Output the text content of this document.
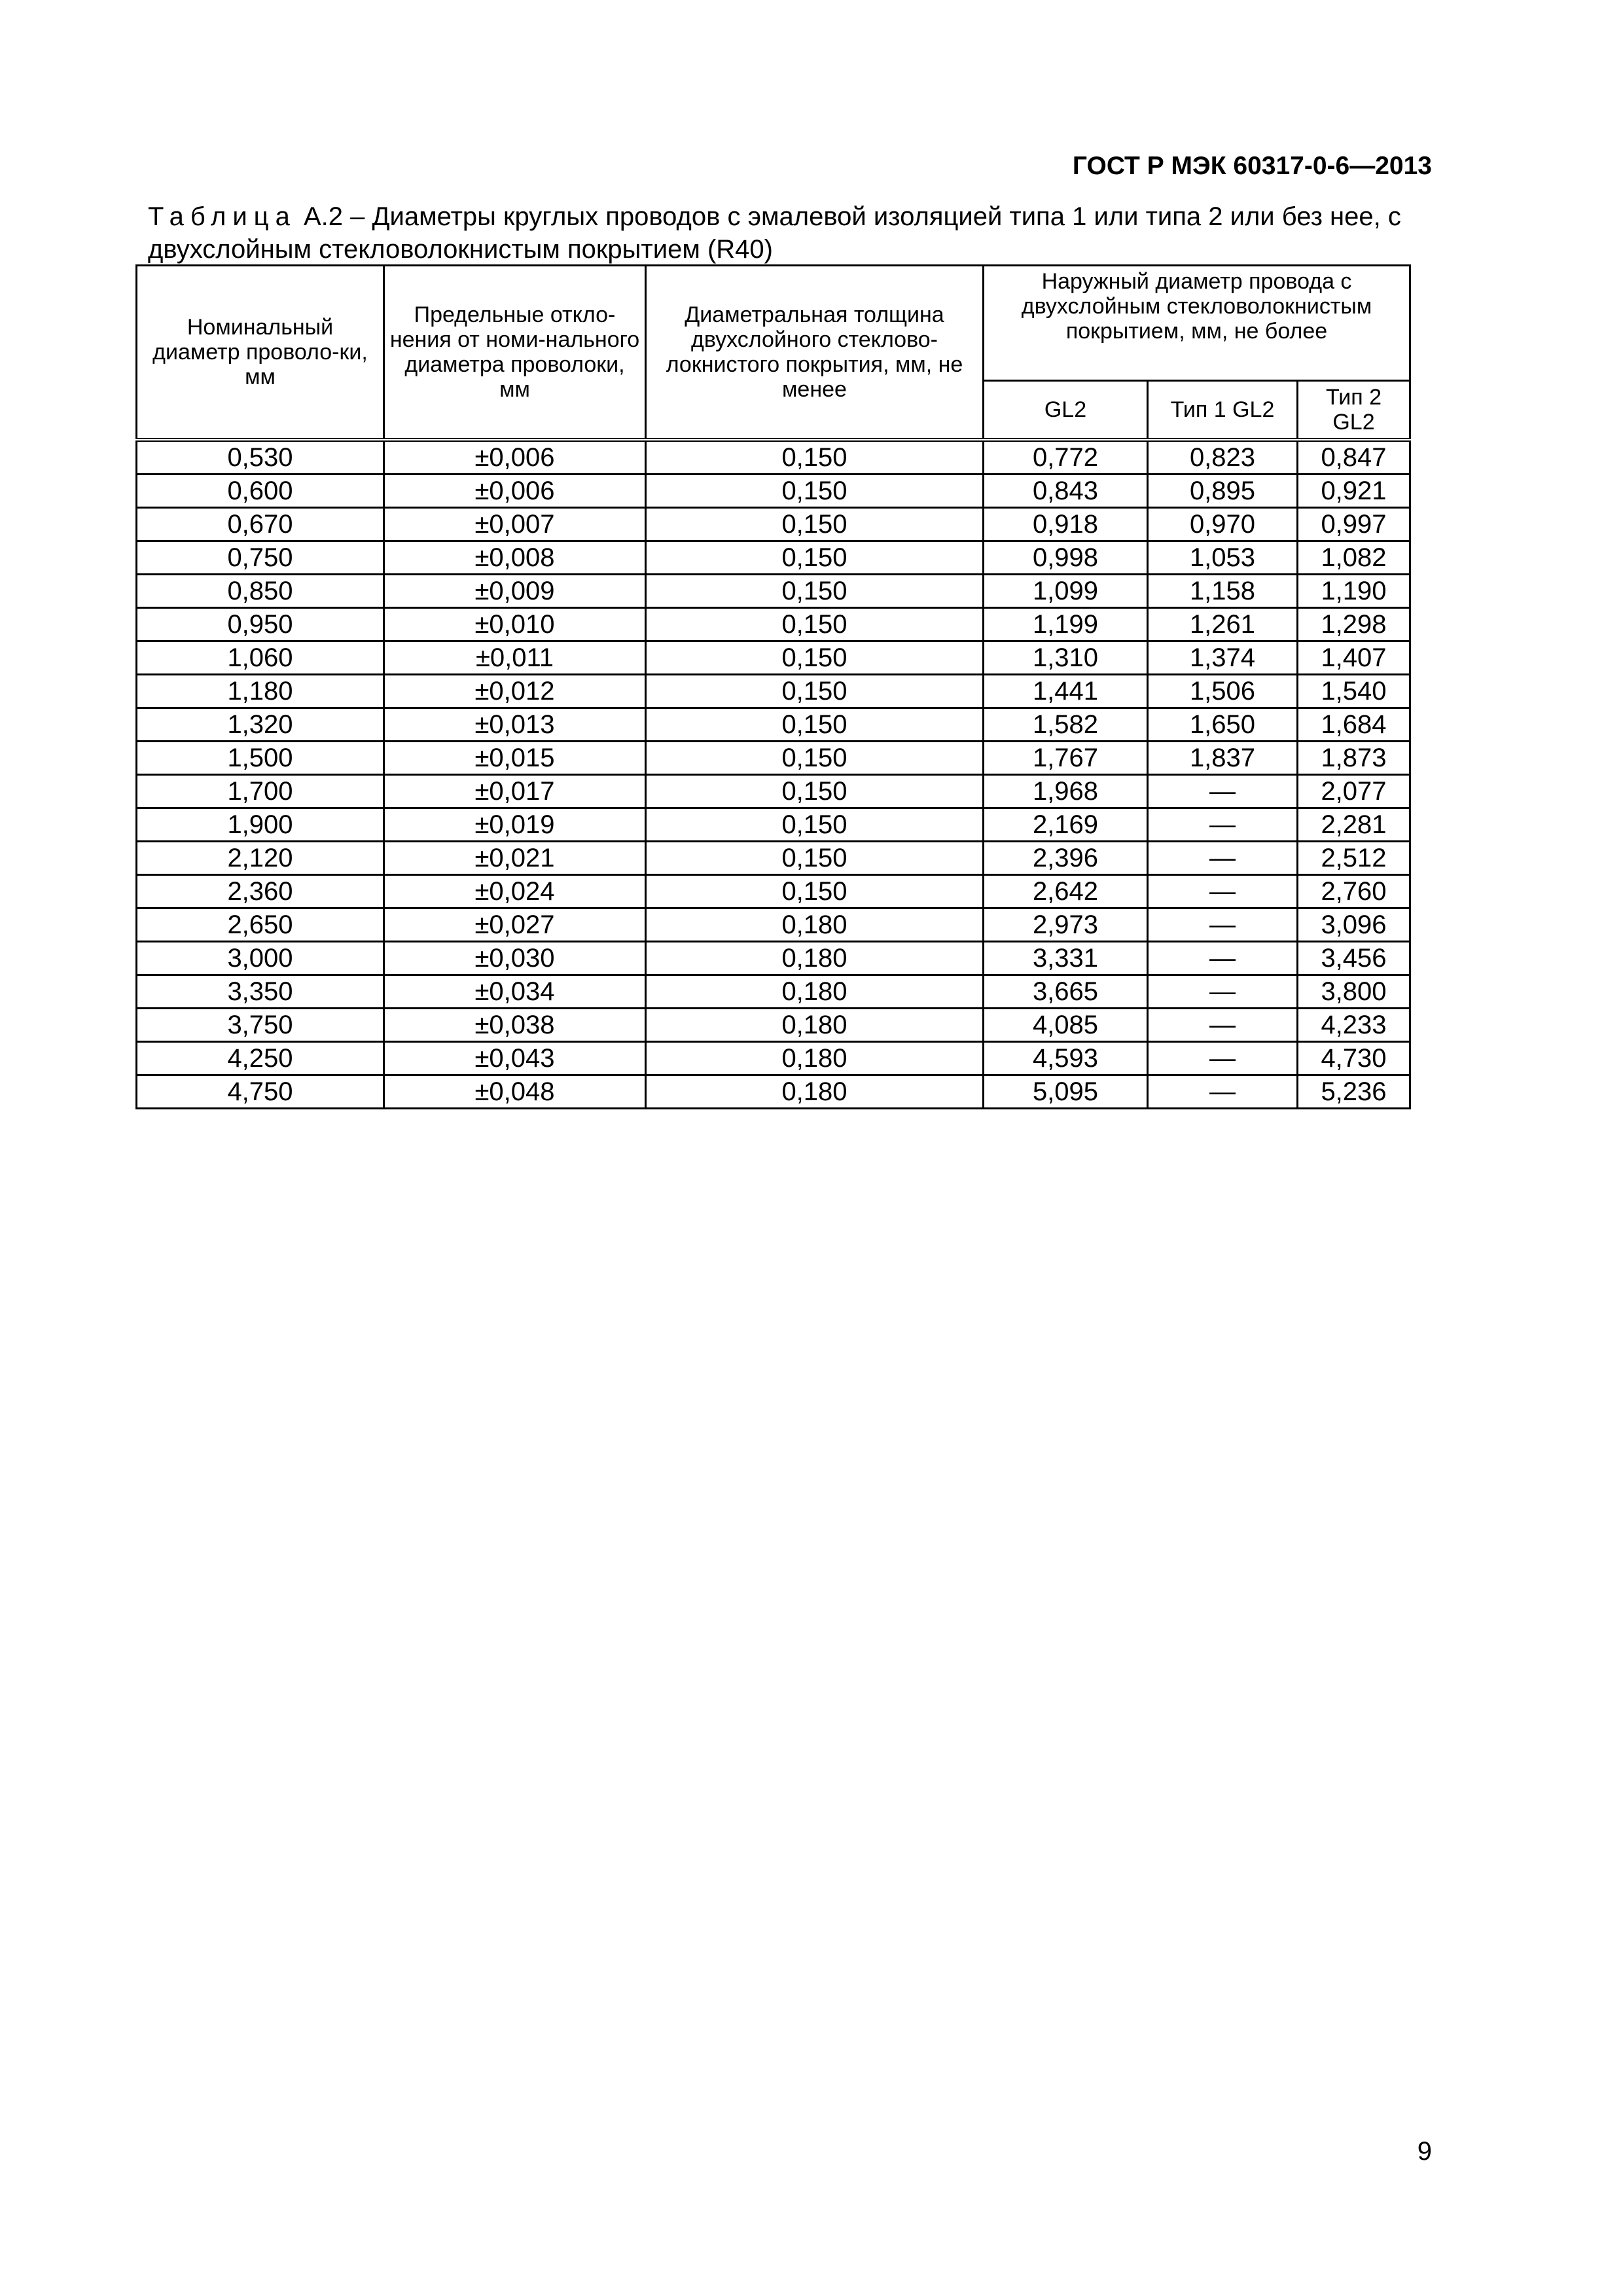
ГОСТ Р МЭК 60317-0-6—2013
Таблица А.2 – Диаметры круглых проводов с эмалевой изоляцией типа 1 или типа 2 или без нее, с двухслойным стекловолокнистым покрытием (R40)
Номинальный диаметр проволо-ки, мм	Предельные откло-нения от номи-нального диаметра проволоки, мм	Диаметральная толщина двухслойного стеклово-локнистого покрытия, мм, не менее	Наружный диаметр провода с двухслойным стекловолокнистым покрытием, мм, не более		
			GL2	Тип 1 GL2	Тип 2 GL2
0,530	±0,006	0,150	0,772	0,823	0,847
0,600	±0,006	0,150	0,843	0,895	0,921
0,670	±0,007	0,150	0,918	0,970	0,997
0,750	±0,008	0,150	0,998	1,053	1,082
0,850	±0,009	0,150	1,099	1,158	1,190
0,950	±0,010	0,150	1,199	1,261	1,298
1,060	±0,011	0,150	1,310	1,374	1,407
1,180	±0,012	0,150	1,441	1,506	1,540
1,320	±0,013	0,150	1,582	1,650	1,684
1,500	±0,015	0,150	1,767	1,837	1,873
1,700	±0,017	0,150	1,968	—	2,077
1,900	±0,019	0,150	2,169	—	2,281
2,120	±0,021	0,150	2,396	—	2,512
2,360	±0,024	0,150	2,642	—	2,760
2,650	±0,027	0,180	2,973	—	3,096
3,000	±0,030	0,180	3,331	—	3,456
3,350	±0,034	0,180	3,665	—	3,800
3,750	±0,038	0,180	4,085	—	4,233
4,250	±0,043	0,180	4,593	—	4,730
4,750	±0,048	0,180	5,095	—	5,236
9
